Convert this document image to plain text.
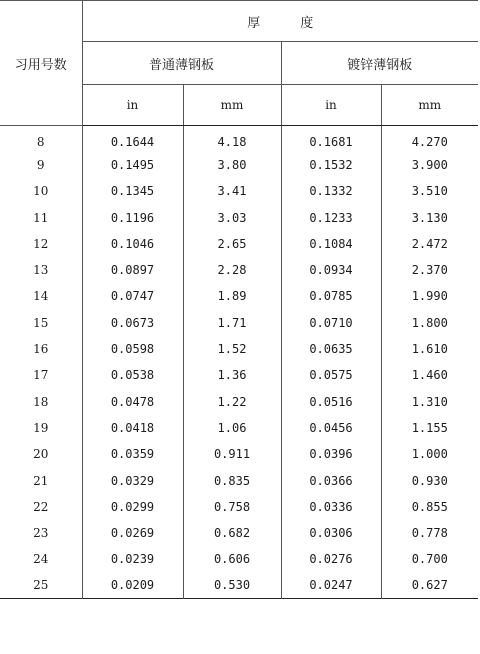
习用号数	厚度			
	普通薄钢板		镀锌薄钢板	
	in	mm	in	mm
8	0.1644	4.18	0.1681	4.270
9	0.1495	3.80	0.1532	3.900
10	0.1345	3.41	0.1332	3.510
11	0.1196	3.03	0.1233	3.130
12	0.1046	2.65	0.1084	2.472
13	0.0897	2.28	0.0934	2.370
14	0.0747	1.89	0.0785	1.990
15	0.0673	1.71	0.0710	1.800
16	0.0598	1.52	0.0635	1.610
17	0.0538	1.36	0.0575	1.460
18	0.0478	1.22	0.0516	1.310
19	0.0418	1.06	0.0456	1.155
20	0.0359	0.911	0.0396	1.000
21	0.0329	0.835	0.0366	0.930
22	0.0299	0.758	0.0336	0.855
23	0.0269	0.682	0.0306	0.778
24	0.0239	0.606	0.0276	0.700
25	0.0209	0.530	0.0247	0.627
